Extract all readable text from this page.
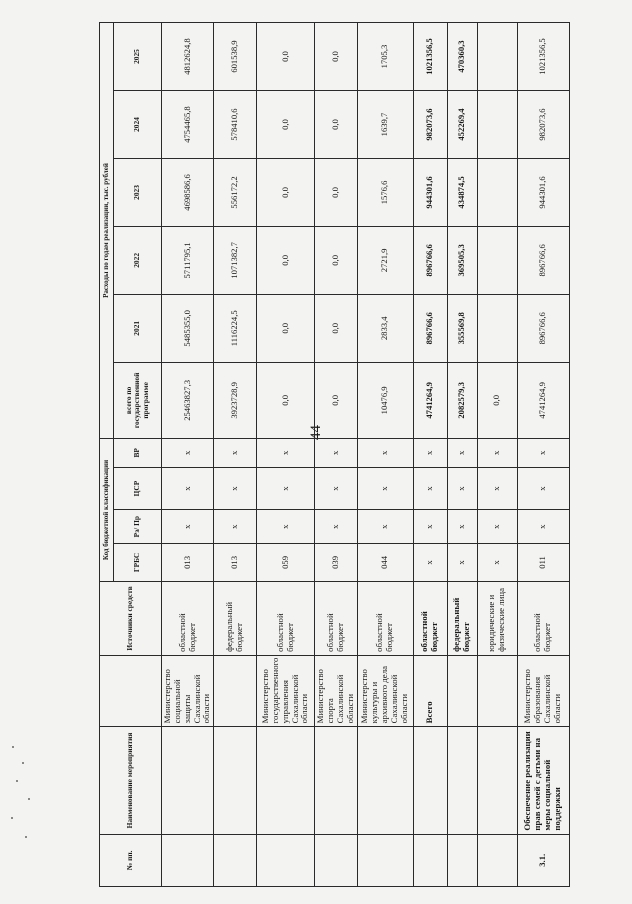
44
№ пп.	Наименование мероприятия		Источники средств	Код бюджетной классификации				Расходы по годам реализации, тыс. рублей					
				ГРБС	Рз/ Пр	ЦСР	ВР	всего по государственной программе	2021	2022	2023	2024	2025
		Министерство социальной защиты Сахалинской области	областной бюджет	013	х	х	х	25463827,3	5485355,0	5711795,1	4698586,6	4754465,8	4812624,8
			федеральный бюджет	013	х	х	х	3923728,9	1116224,5	1071382,7	556172,2	578410,6	601538,9
		Министерство государственного управления Сахалинской области	областной бюджет	059	х	х	х	0,0	0,0	0,0	0,0	0,0	0,0
		Министерство спорта Сахалинской области	областной бюджет	039	х	х	х	0,0	0,0	0,0	0,0	0,0	0,0
		Министерство культуры и архивного дела Сахалинской области	областной бюджет	044	х	х	х	10476,9	2833,4	2721,9	1576,6	1639,7	1705,3
		Всего	областной бюджет	х	х	х	х	4741264,9	896766,6	896766,6	944301,6	982073,6	1021356,5
			федеральный бюджет	х	х	х	х	2082579,3	355569,8	369505,3	434874,5	452269,4	470360,3
			юридические и физические лица	х	х	х	х	0,0					
3.1.	Обеспечение реализации прав семей с детьми на меры социальной поддержки	Министерство образования Сахалинской области	областной бюджет	011	х	х	х	4741264,9	896766,6	896766,6	944301,6	982073,6	1021356,5
